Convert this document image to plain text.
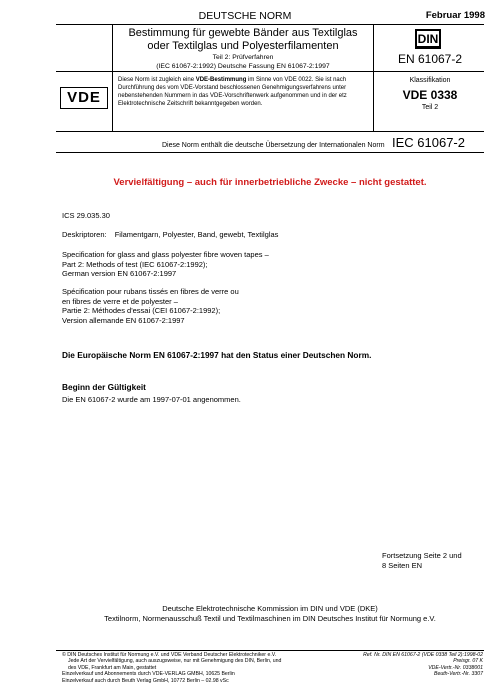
DEUTSCHE NORM	Februar 1998
Bestimmung für gewebte Bänder aus Textilglas
oder Textilglas und Polyesterfilamenten
Teil 2: Prüfverfahren
(IEC 61067-2:1992) Deutsche Fassung EN 61067-2:1997
DIN
EN 61067-2
VDE
Diese Norm ist zugleich eine VDE-Bestimmung im Sinne von VDE 0022. Sie ist nach Durchführung des vom VDE-Vorstand beschlossenen Genehmigungsverfahrens unter nebenstehenden Nummern in das VDE-Vorschriftenwerk aufgenommen und in der etz Elektrotechnische Zeitschrift bekanntgegeben worden.
Klassifikation
VDE 0338
Teil 2
Diese Norm enthält die deutsche Übersetzung der Internationalen Norm IEC 61067-2
Vervielfältigung – auch für innerbetriebliche Zwecke – nicht gestattet.
ICS 29.035.30
Deskriptoren: Filamentgarn, Polyester, Band, gewebt, Textilglas
Specification for glass and glass polyester fibre woven tapes –
Part 2: Methods of test (IEC 61067-2:1992);
German version EN 61067-2:1997
Spécification pour rubans tissés en fibres de verre ou
en fibres de verre et de polyester –
Partie 2: Méthodes d'essai (CEI 61067-2:1992);
Version allemande EN 61067-2:1997
Die Europäische Norm EN 61067-2:1997 hat den Status einer Deutschen Norm.
Beginn der Gültigkeit
Die EN 61067-2 wurde am 1997-07-01 angenommen.
Fortsetzung Seite 2 und
8 Seiten EN
Deutsche Elektrotechnische Kommission im DIN und VDE (DKE)
Textilnorm, Normenausschuß Textil und Textilmaschinen im DIN Deutsches Institut für Normung e.V.
© DIN Deutsches Institut für Normung e.V. und VDE Verband Deutscher Elektrotechniker e.V.
Jede Art der Vervielfältigung, auch auszugsweise, nur mit Genehmigung des DIN, Berlin, und
des VDE, Frankfurt am Main, gestattet
Einzelverkauf und Abonnements durch VDE-VERLAG GMBH, 10625 Berlin
Einzelverkauf auch durch Beuth Verlag GmbH, 10772 Berlin – 02.98 vSc
Ref. Nr. DIN EN 61067-2 (VDE 0338 Teil 2):1998-02
Preisgr. 07 K
VDE-Vertr.-Nr. 0338001
Beuth-Vertr.-Nr. 3307
